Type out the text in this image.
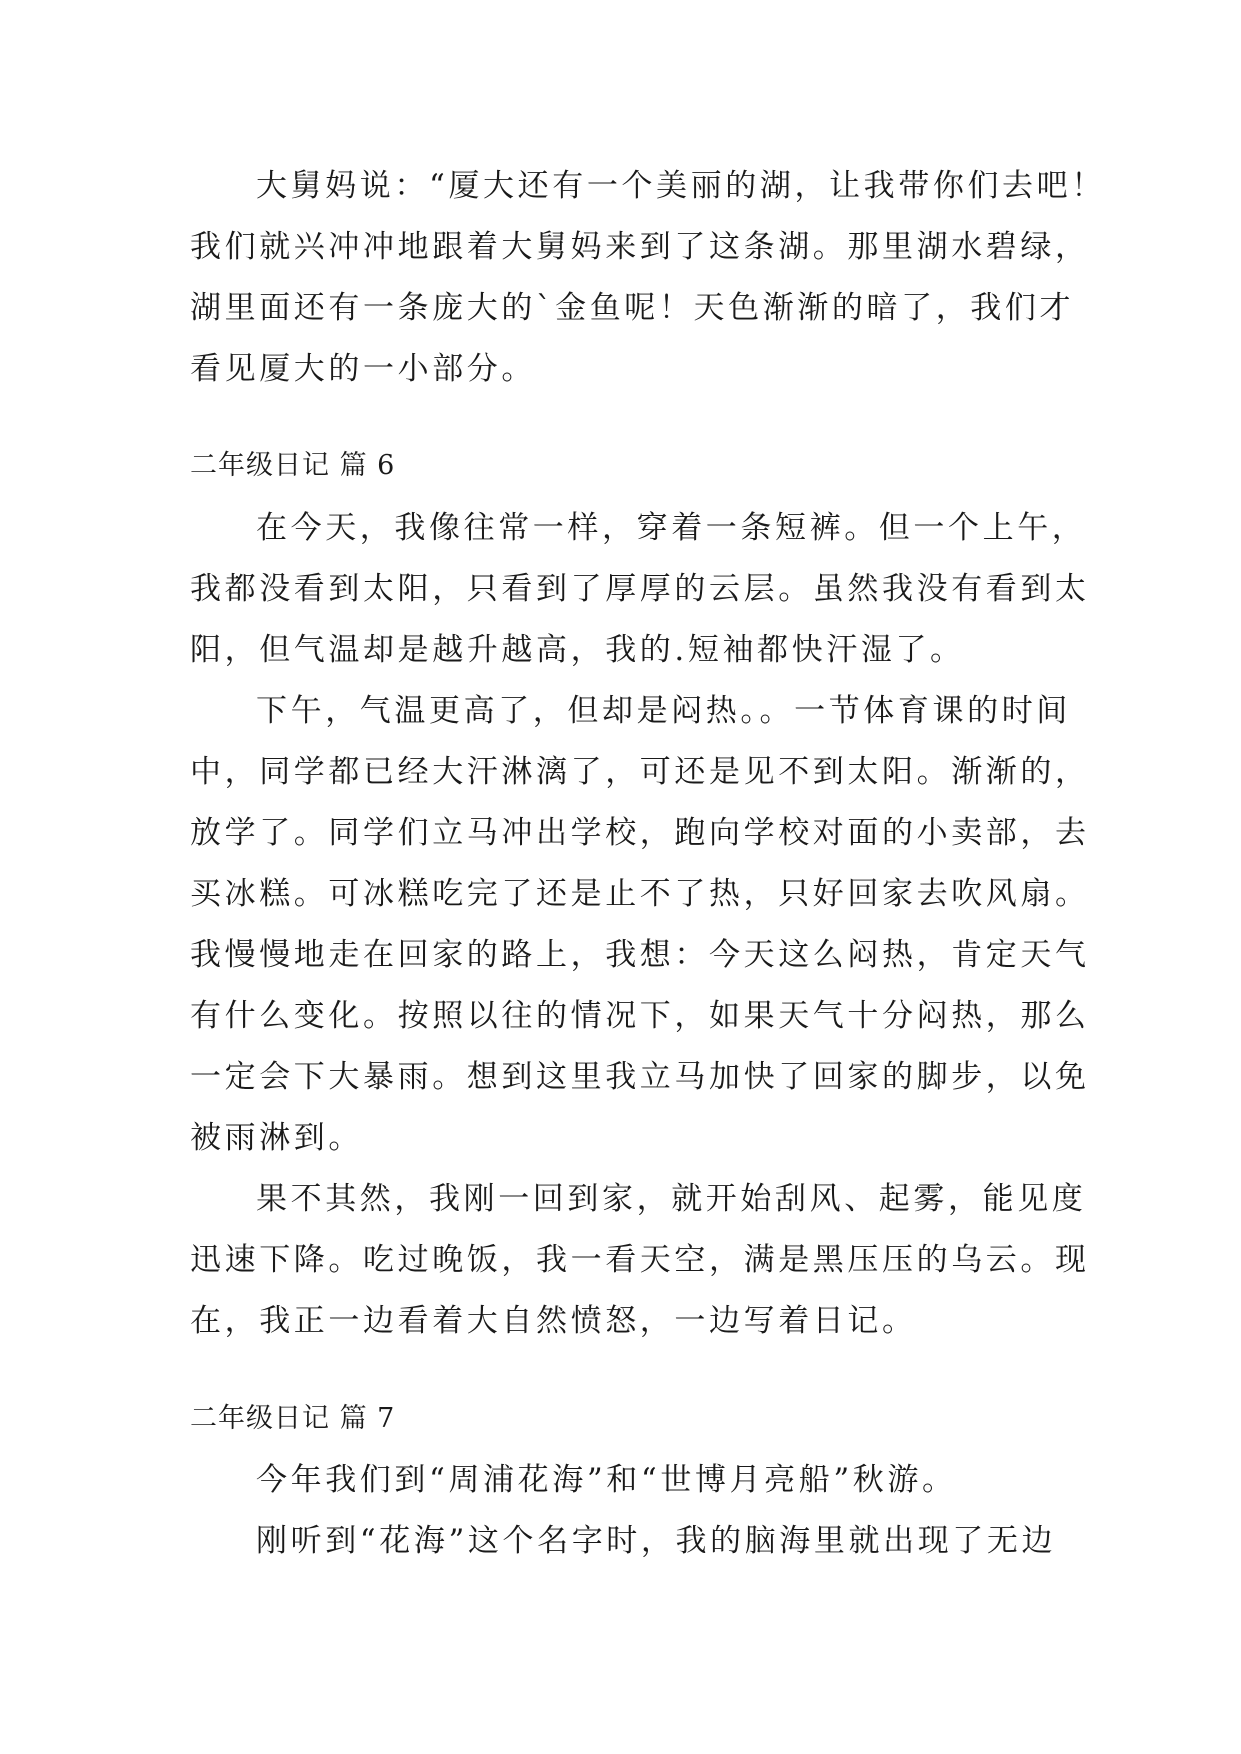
大舅妈说：“厦大还有一个美丽的湖，让我带你们去吧！
我们就兴冲冲地跟着大舅妈来到了这条湖。那里湖水碧绿，
湖里面还有一条庞大的`金鱼呢！天色渐渐的暗了，我们才
看见厦大的一小部分。
二年级日记 篇 6
在今天，我像往常一样，穿着一条短裤。但一个上午，
我都没看到太阳，只看到了厚厚的云层。虽然我没有看到太
阳，但气温却是越升越高，我的.短袖都快汗湿了。
下午，气温更高了，但却是闷热。。一节体育课的时间
中，同学都已经大汗淋漓了，可还是见不到太阳。渐渐的，
放学了。同学们立马冲出学校，跑向学校对面的小卖部，去
买冰糕。可冰糕吃完了还是止不了热，只好回家去吹风扇。
我慢慢地走在回家的路上，我想：今天这么闷热，肯定天气
有什么变化。按照以往的情况下，如果天气十分闷热，那么
一定会下大暴雨。想到这里我立马加快了回家的脚步，以免
被雨淋到。
果不其然，我刚一回到家，就开始刮风、起雾，能见度
迅速下降。吃过晚饭，我一看天空，满是黑压压的乌云。现
在，我正一边看着大自然愤怒，一边写着日记。
二年级日记 篇 7
今年我们到“周浦花海”和“世博月亮船”秋游。
刚听到“花海”这个名字时，我的脑海里就出现了无边
